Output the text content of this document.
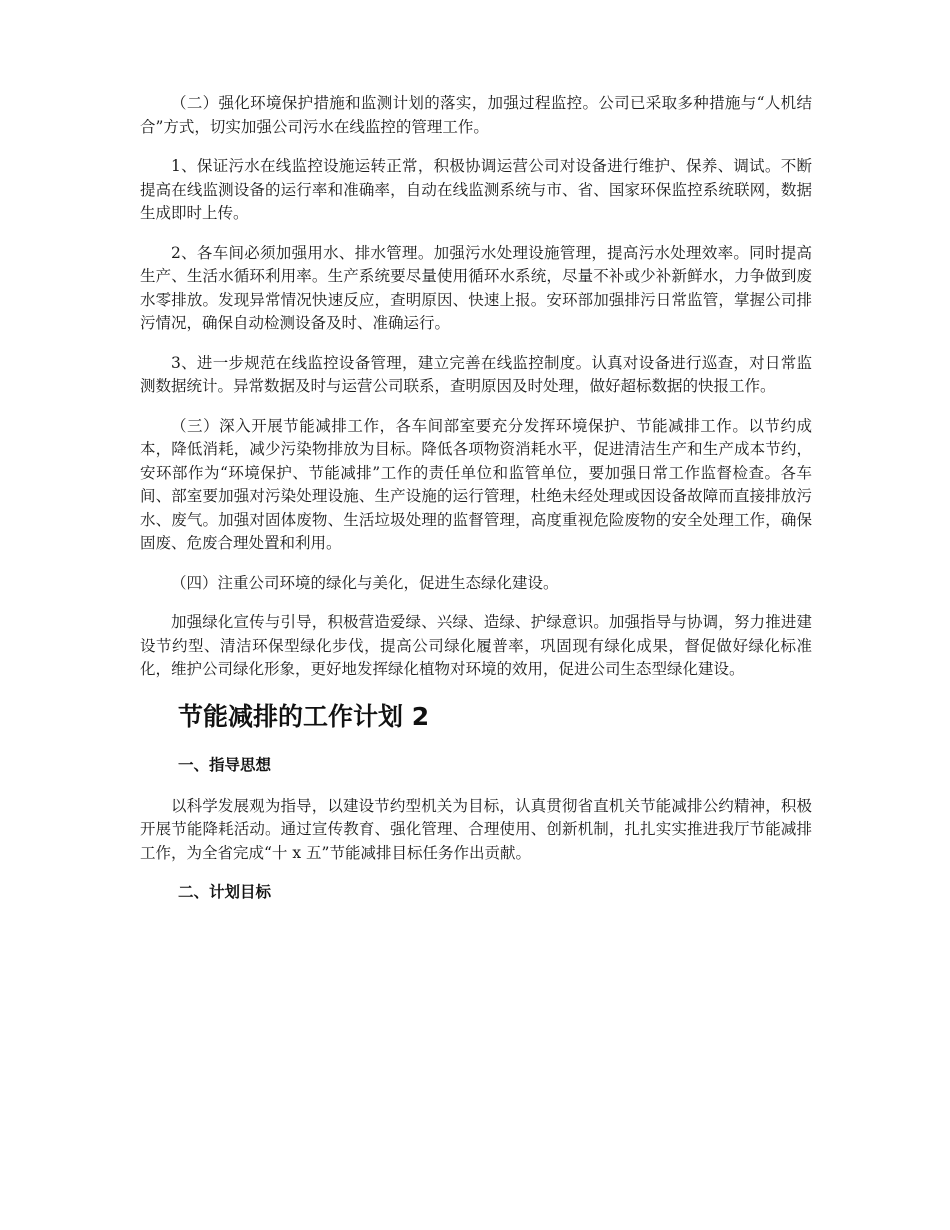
（二）强化环境保护措施和监测计划的落实，加强过程监控。公司已采取多种措施与“人机结合”方式，切实加强公司污水在线监控的管理工作。

1、保证污水在线监控设施运转正常，积极协调运营公司对设备进行维护、保养、调试。不断提高在线监测设备的运行率和准确率，自动在线监测系统与市、省、国家环保监控系统联网，数据生成即时上传。

2、各车间必须加强用水、排水管理。加强污水处理设施管理，提高污水处理效率。同时提高生产、生活水循环利用率。生产系统要尽量使用循环水系统，尽量不补或少补新鲜水，力争做到废水零排放。发现异常情况快速反应，查明原因、快速上报。安环部加强排污日常监管，掌握公司排污情况，确保自动检测设备及时、准确运行。

3、进一步规范在线监控设备管理，建立完善在线监控制度。认真对设备进行巡查，对日常监测数据统计。异常数据及时与运营公司联系，查明原因及时处理，做好超标数据的快报工作。

（三）深入开展节能减排工作，各车间部室要充分发挥环境保护、节能减排工作。以节约成本，降低消耗，减少污染物排放为目标。降低各项物资消耗水平，促进清洁生产和生产成本节约，安环部作为“环境保护、节能减排”工作的责任单位和监管单位，要加强日常工作监督检查。各车间、部室要加强对污染处理设施、生产设施的运行管理，杜绝未经处理或因设备故障而直接排放污水、废气。加强对固体废物、生活垃圾处理的监督管理，高度重视危险废物的安全处理工作，确保固废、危废合理处置和利用。

（四）注重公司环境的绿化与美化，促进生态绿化建设。

加强绿化宣传与引导，积极营造爱绿、兴绿、造绿、护绿意识。加强指导与协调，努力推进建设节约型、清洁环保型绿化步伐，提高公司绿化履普率，巩固现有绿化成果，督促做好绿化标准化，维护公司绿化形象，更好地发挥绿化植物对环境的效用，促进公司生态型绿化建设。

节能减排的工作计划 2
一、指导思想

以科学发展观为指导，以建设节约型机关为目标，认真贯彻省直机关节能减排公约精神，积极开展节能降耗活动。通过宣传教育、强化管理、合理使用、创新机制，扎扎实实推进我厅节能减排工作，为全省完成“十 x 五”节能减排目标任务作出贡献。

二、计划目标
